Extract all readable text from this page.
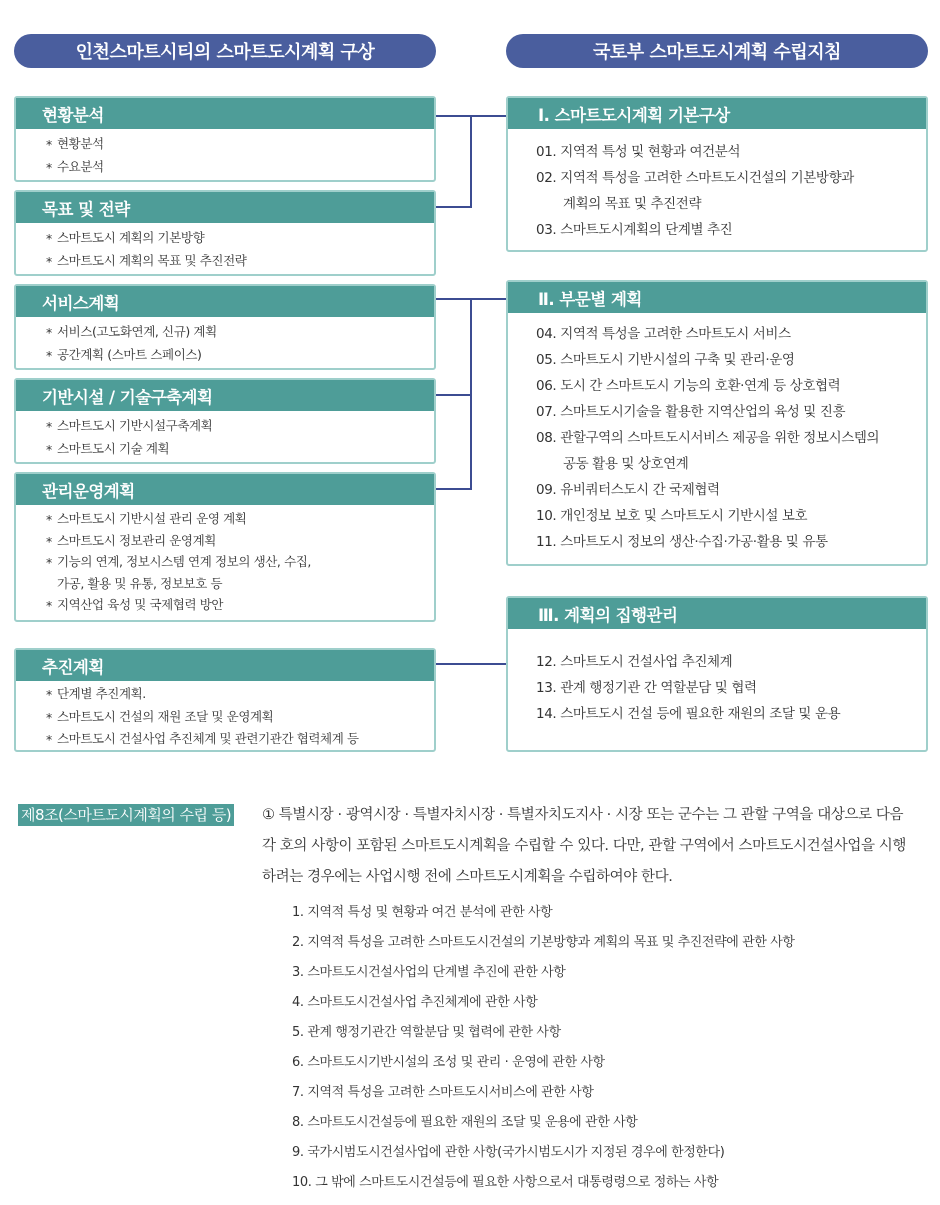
인천스마트시티의 스마트도시계획 구상	국토부 스마트도시계획 수립지침
현황분석
* 현황분석
* 수요분석
목표 및 전략
* 스마트도시 계획의 기본방향
* 스마트도시 계획의 목표 및 추진전략
서비스계획
* 서비스(고도화연계, 신규) 계획
* 공간계획 (스마트 스페이스)
기반시설 / 기술구축계획
* 스마트도시 기반시설구축계획
* 스마트도시 기술 계획
관리운영계획
* 스마트도시 기반시설 관리 운영 계획
* 스마트도시 정보관리 운영계획
* 기능의 연계, 정보시스템 연계 정보의 생산, 수집,
가공, 활용 및 유통, 정보보호 등
* 지역산업 육성 및 국제협력 방안
추진계획
* 단계별 추진계획.
* 스마트도시 건설의 재원 조달 및 운영계획
* 스마트도시 건설사업 추진체계 및 관련기관간 협력체계 등
Ⅰ. 스마트도시계획 기본구상
01.
지역적 특성 및 현황과 여건분석
02.
지역적 특성을 고려한 스마트도시건설의 기본방향과
계획의 목표 및 추진전략
03.
스마트도시계획의 단계별 추진
Ⅱ. 부문별 계획
04.
지역적 특성을 고려한 스마트도시 서비스
05.
스마트도시 기반시설의 구축 및 관리·운영
06.
도시 간 스마트도시 기능의 호환·연계 등 상호협력
07.
스마트도시기술을 활용한 지역산업의 육성 및 진흥
08.
관할구역의 스마트도시서비스 제공을 위한 정보시스템의
공동 활용 및 상호연계
09.
유비쿼터스도시 간 국제협력
10.
개인정보 보호 및 스마트도시 기반시설 보호
11.
스마트도시 정보의 생산·수집·가공·활용 및 유통
Ⅲ. 계획의 집행관리
12.
스마트도시 건설사업 추진체계
13.
관계 행정기관 간 역할분담 및 협력
14.
스마트도시 건설 등에 필요한 재원의 조달 및 운용
제8조(스마트도시계획의 수립 등) ① 특별시장 · 광역시장 · 특별자치시장 · 특별자치도지사 · 시장 또는 군수는 그 관할 구역을 대상으로 다음
각 호의 사항이 포함된 스마트도시계획을 수립할 수 있다. 다만, 관할 구역에서 스마트도시건설사업을 시행
하려는 경우에는 사업시행 전에 스마트도시계획을 수립하여야 한다.
1. 지역적 특성 및 현황과 여건 분석에 관한 사항
2. 지역적 특성을 고려한 스마트도시건설의 기본방향과 계획의 목표 및 추진전략에 관한 사항
3. 스마트도시건설사업의 단계별 추진에 관한 사항
4. 스마트도시건설사업 추진체계에 관한 사항
5. 관계 행정기관간 역할분담 및 협력에 관한 사항
6. 스마트도시기반시설의 조성 및 관리 · 운영에 관한 사항
7. 지역적 특성을 고려한 스마트도시서비스에 관한 사항
8. 스마트도시건설등에 필요한 재원의 조달 및 운용에 관한 사항
9. 국가시범도시건설사업에 관한 사항(국가시범도시가 지정된 경우에 한정한다)
10. 그 밖에 스마트도시건설등에 필요한 사항으로서 대통령령으로 정하는 사항
